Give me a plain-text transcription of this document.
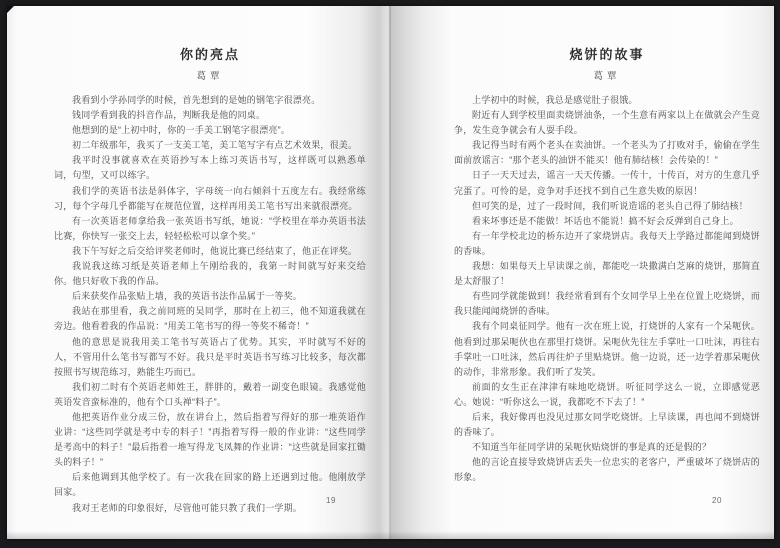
你的亮点
葛覃

我看到小学孙同学的时候，首先想到的是她的钢笔字很漂亮。

钱同学看到我的抖音作品，判断我是他的同桌。

他想到的是“上初中时，你的一手美工钢笔字很漂亮”。

初二年级那年，我买了一支美工笔，美工笔写字有点艺术效果，很美。

我平时没事就喜欢在英语抄写本上练习英语书写，这样既可以熟悉单词，句型，又可以练字。

我们学的英语书法是斜体字，字母统一向右倾斜十五度左右。我经常练习，每个字母几乎都能写在规范位置，这样再用美工笔书写出来就很漂亮。

有一次英语老师拿给我一张英语书写纸，她说：“学校里在举办英语书法比赛，你快写一张交上去，轻轻松松可以拿个奖。”

我下午写好之后交给评奖老师时，他说比赛已经结束了，他正在评奖。

我说我这练习纸是英语老师上午刚给我的，我第一时间就写好来交给你。他只好收下我的作品。

后来获奖作品张贴上墙，我的英语书法作品属于一等奖。

我站在那里看，我之前同班的吴同学，那时在上初三，他不知道我就在旁边。他看着我的作品说：“用美工笔书写的得一等奖不稀奇！”

他的意思是说我用美工笔书写英语占了优势。其实，平时就写不好的人，不管用什么笔书写都写不好。我只是平时英语书写练习比较多，每次都按照书写规范练习，熟能生巧而已。

我们初二时有个英语老师姓王，胖胖的，戴着一副变色眼镜。我感觉他英语发音蛮标准的，他有个口头禅“料子”。

他把英语作业分成三份，放在讲台上，然后指着写得好的那一堆英语作业讲：“这些同学就是考中专的料子！”再指着写得一般的作业讲：“这些同学是考高中的料子！”最后指着一堆写得龙飞凤舞的作业讲：“这些就是回家扛锄头的料子！”

后来他调到其他学校了。有一次我在回家的路上还遇到过他。他刚放学回家。

我对王老师的印象很好，尽管他可能只教了我们一学期。

19
烧饼的故事
葛覃

上学初中的时候，我总是感觉肚子很饿。

附近有人到学校里面卖烧饼油条，一个生意有两家以上在做就会产生竞争，发生竞争就会有人耍手段。

我记得当时有两个老头在卖油饼。一个老头为了打败对手，偷偷在学生面前放谣言：“那个老头的油饼不能买！他有肺结核！会传染的！”

日子一天天过去，谣言一天天传播。一传十，十传百，对方的生意几乎完蛋了。可怜的是，竞争对手还找不到自己生意失败的原因！

但可笑的是，过了一段时间，我们听说造谣的老头自己得了肺结核！

看来坏事还是不能做！坏话也不能说！搞不好会反弹到自己身上。

有一年学校北边的桥东边开了家烧饼店。我每天上学路过都能闻到烧饼的香味。

我想：如果每天上早读课之前，都能吃一块撒满白芝麻的烧饼，那简直是太舒服了！

有些同学就能做到！我经常看到有个女同学早上坐在位置上吃烧饼，而我只能闻闻烧饼的香味。

我有个同桌征同学。他有一次在班上说，打烧饼的人家有一个呆呃伙。他看到过那呆呃伙也在那里打烧饼。呆呃伙先往左手掌吐一口吐沫，再往右手掌吐一口吐沫，然后再往炉子里贴烧饼。他一边说，还一边学着那呆呃伙的动作，非常形象。我们听了发笑。

前面的女生正在津津有味地吃烧饼。听征同学这么一说，立即感觉恶心。她说：“听你这么一说，我都吃不下去了！”

后来，我好像再也没见过那女同学吃烧饼。上早读课，再也闻不到烧饼的香味了。

不知道当年征同学讲的呆呃伙贴烧饼的事是真的还是假的？

他的言论直接导致烧饼店丢失一位忠实的老客户，严重破坏了烧饼店的形象。

20
